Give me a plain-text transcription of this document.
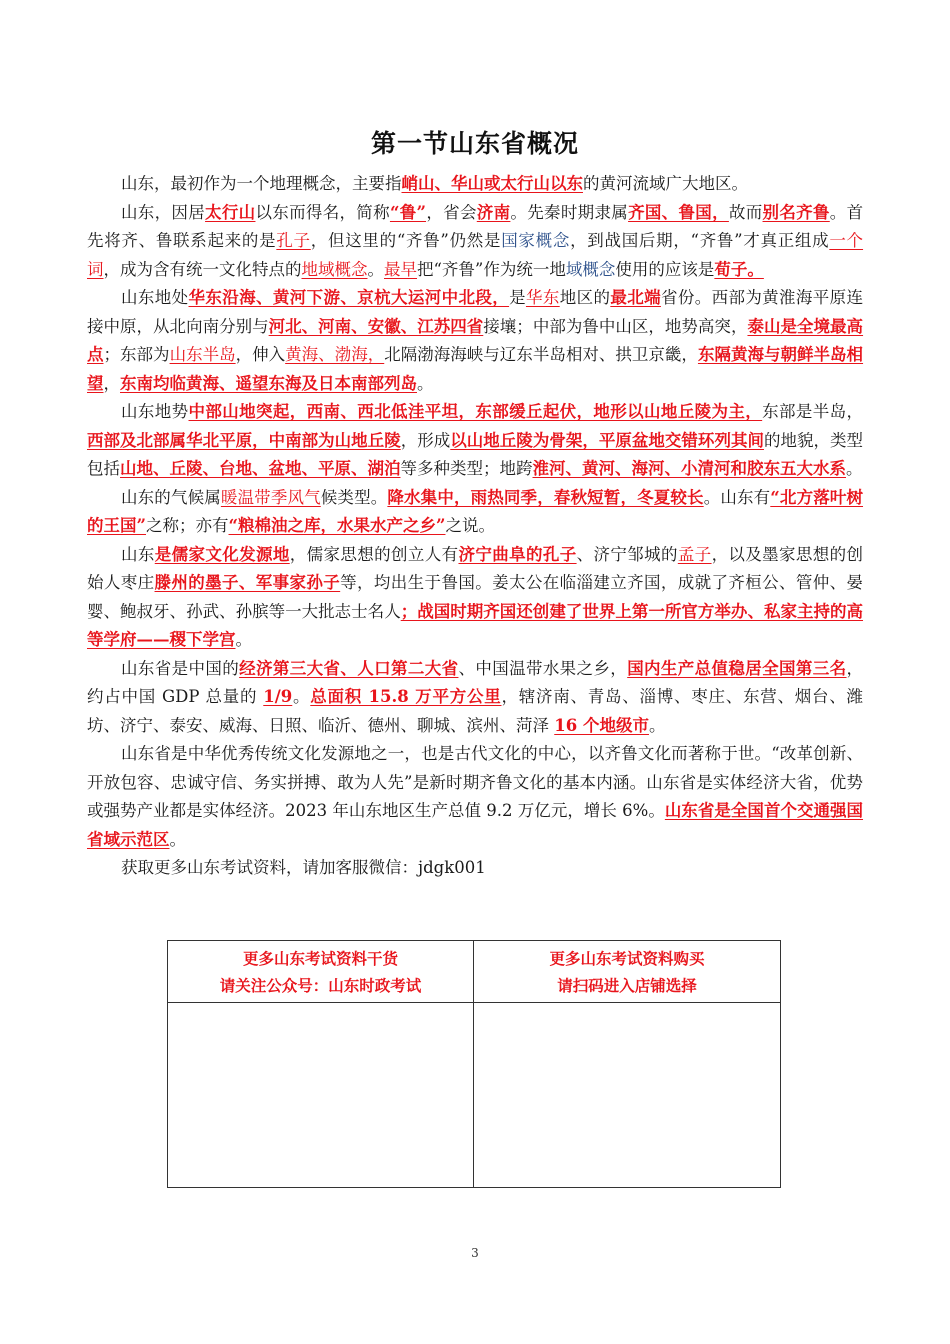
第一节山东省概况

山东，最初作为一个地理概念，主要指峭山、华山或太行山以东的黄河流域广大地区。

山东，因居太行山以东而得名，简称“鲁”，省会济南。先秦时期隶属齐国、鲁国，故而别名齐鲁。首先将齐、鲁联系起来的是孔子，但这里的“齐鲁”仍然是国家概念，到战国后期，“齐鲁”才真正组成一个词，成为含有统一文化特点的地域概念。最早把“齐鲁”作为统一地域概念使用的应该是荀子。

山东地处华东沿海、黄河下游、京杭大运河中北段，是华东地区的最北端省份。西部为黄淮海平原连接中原，从北向南分别与河北、河南、安徽、江苏四省接壤；中部为鲁中山区，地势高突，泰山是全境最高点；东部为山东半岛，伸入黄海、渤海，北隔渤海海峡与辽东半岛相对、拱卫京畿，东隔黄海与朝鲜半岛相望，东南均临黄海、遥望东海及日本南部列岛。

山东地势中部山地突起，西南、西北低洼平坦，东部缓丘起伏，地形以山地丘陵为主，东部是半岛，西部及北部属华北平原，中南部为山地丘陵，形成以山地丘陵为骨架，平原盆地交错环列其间的地貌，类型包括山地、丘陵、台地、盆地、平原、湖泊等多种类型；地跨淮河、黄河、海河、小清河和胶东五大水系。

山东的气候属暖温带季风气候类型。降水集中，雨热同季，春秋短暂，冬夏较长。山东有“北方落叶树的王国”之称；亦有“粮棉油之库，水果水产之乡”之说。

山东是儒家文化发源地，儒家思想的创立人有济宁曲阜的孔子、济宁邹城的孟子，以及墨家思想的创始人枣庄滕州的墨子、军事家孙子等，均出生于鲁国。姜太公在临淄建立齐国，成就了齐桓公、管仲、晏婴、鲍叔牙、孙武、孙膑等一大批志士名人；战国时期齐国还创建了世界上第一所官方举办、私家主持的高等学府——稷下学宫。

山东省是中国的经济第三大省、人口第二大省、中国温带水果之乡，国内生产总值稳居全国第三名，约占中国 GDP 总量的 1/9。总面积 15.8 万平方公里，辖济南、青岛、淄博、枣庄、东营、烟台、潍坊、济宁、泰安、威海、日照、临沂、德州、聊城、滨州、菏泽 16 个地级市。

山东省是中华优秀传统文化发源地之一，也是古代文化的中心，以齐鲁文化而著称于世。“改革创新、开放包容、忠诚守信、务实拼搏、敢为人先”是新时期齐鲁文化的基本内涵。山东省是实体经济大省，优势或强势产业都是实体经济。2023 年山东地区生产总值 9.2 万亿元，增长 6%。山东省是全国首个交通强国省域示范区。

获取更多山东考试资料，请加客服微信：jdgk001

更多山东考试资料干货
请关注公众号：山东时政考试
更多山东考试资料购买
请扫码进入店铺选择
3
